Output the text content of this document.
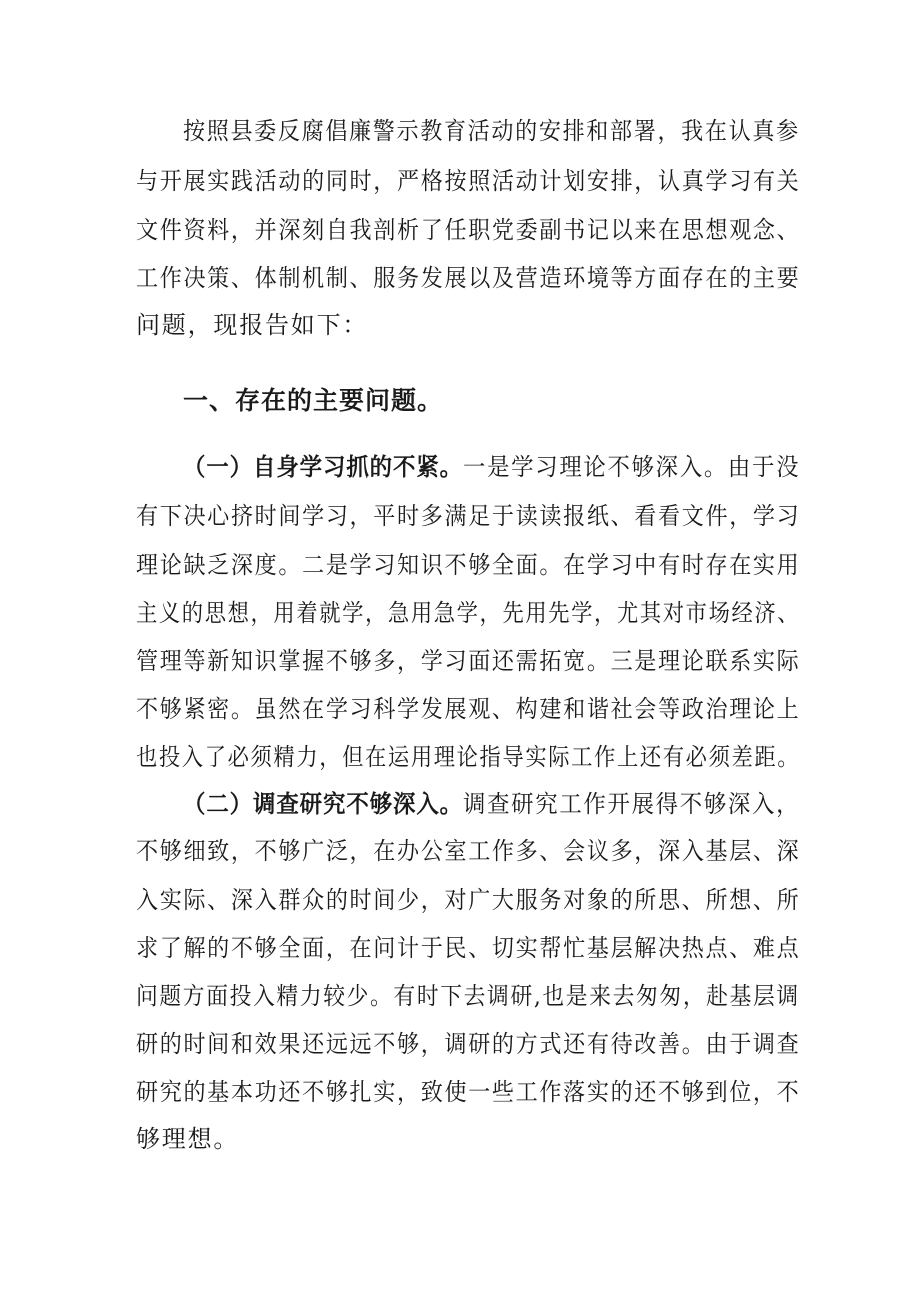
按照县委反腐倡廉警示教育活动的安排和部署，我在认真参
与开展实践活动的同时，严格按照活动计划安排，认真学习有关
文件资料，并深刻自我剖析了任职党委副书记以来在思想观念、
工作决策、体制机制、服务发展以及营造环境等方面存在的主要
问题，现报告如下：
一、存在的主要问题。
（一）自身学习抓的不紧。一是学习理论不够深入。由于没
有下决心挤时间学习，平时多满足于读读报纸、看看文件，学习
理论缺乏深度。二是学习知识不够全面。在学习中有时存在实用
主义的思想，用着就学，急用急学，先用先学，尤其对市场经济、
管理等新知识掌握不够多，学习面还需拓宽。三是理论联系实际
不够紧密。虽然在学习科学发展观、构建和谐社会等政治理论上
也投入了必须精力，但在运用理论指导实际工作上还有必须差距。
（二）调查研究不够深入。调查研究工作开展得不够深入，
不够细致，不够广泛，在办公室工作多、会议多，深入基层、深
入实际、深入群众的时间少，对广大服务对象的所思、所想、所
求了解的不够全面，在问计于民、切实帮忙基层解决热点、难点
问题方面投入精力较少。有时下去调研,也是来去匆匆，赴基层调
研的时间和效果还远远不够，调研的方式还有待改善。由于调查
研究的基本功还不够扎实，致使一些工作落实的还不够到位，不
够理想。
